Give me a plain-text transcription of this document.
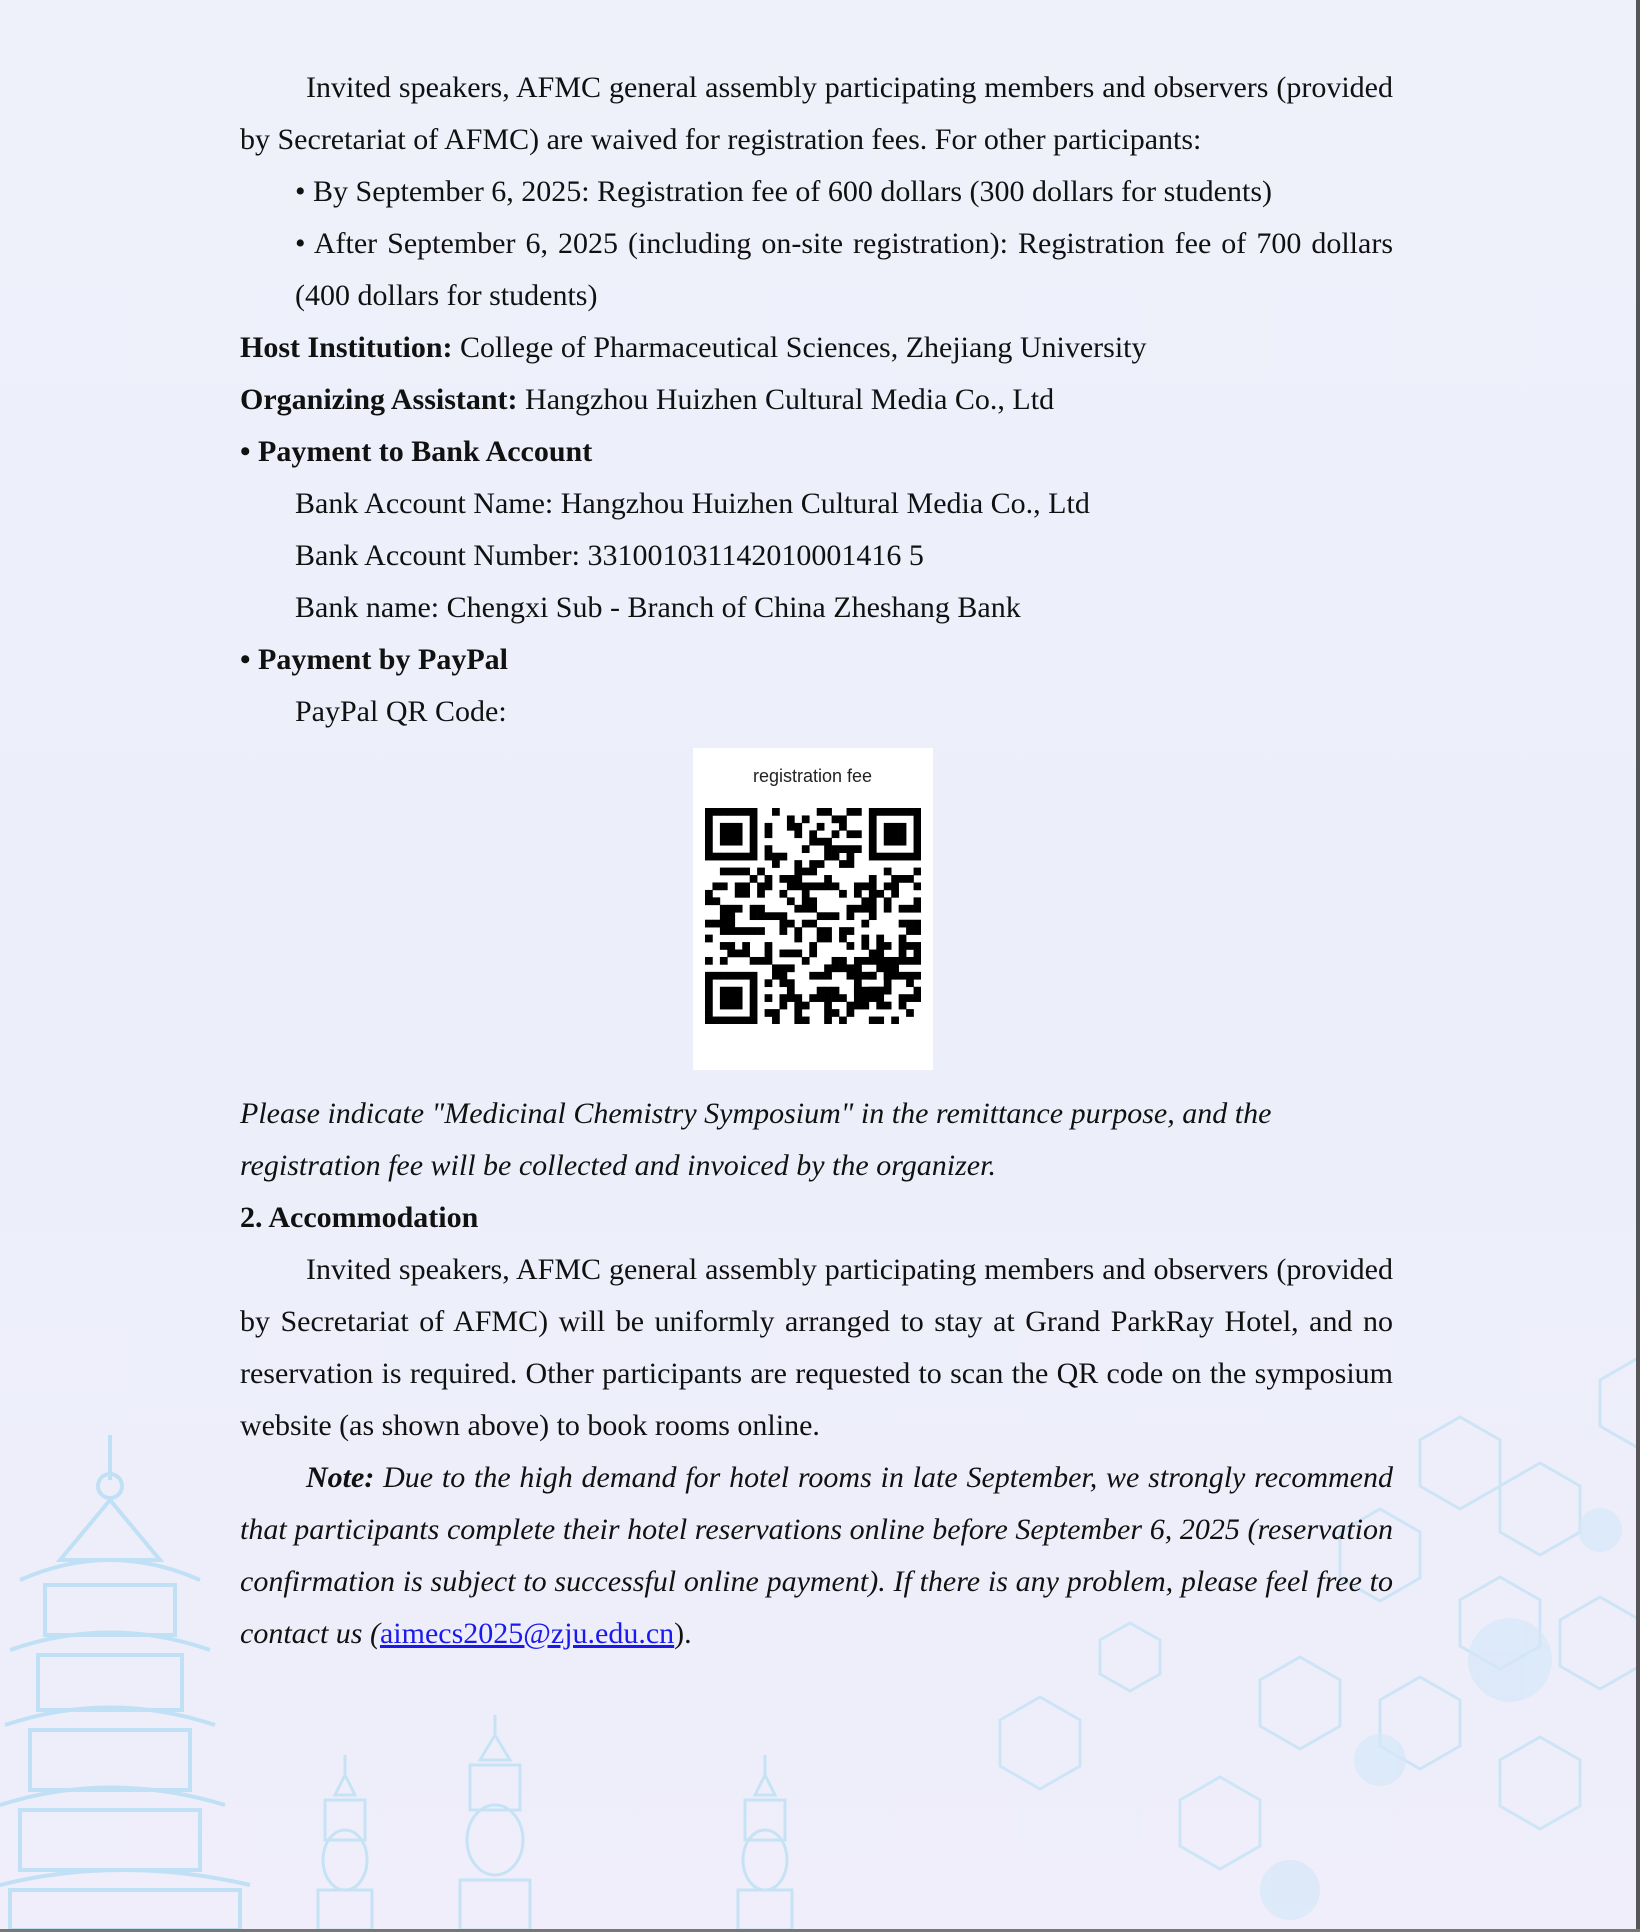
Invited speakers, AFMC general assembly participating members and observers (provided by Secretariat of AFMC) are waived for registration fees. For other participants:

• By September 6, 2025: Registration fee of 600 dollars (300 dollars for students)

• After September 6, 2025 (including on-site registration): Registration fee of 700 dollars (400 dollars for students)

Host Institution: College of Pharmaceutical Sciences, Zhejiang University

Organizing Assistant: Hangzhou Huizhen Cultural Media Co., Ltd

• Payment to Bank Account

Bank Account Name: Hangzhou Huizhen Cultural Media Co., Ltd

Bank Account Number: 331001031142010001416 5

Bank name: Chengxi Sub - Branch of China Zheshang Bank

• Payment by PayPal

PayPal QR Code:

registration fee

Please indicate "Medicinal Chemistry Symposium" in the remittance purpose, and the registration fee will be collected and invoiced by the organizer.

2. Accommodation

Invited speakers, AFMC general assembly participating members and observers (provided by Secretariat of AFMC) will be uniformly arranged to stay at Grand ParkRay Hotel, and no reservation is required. Other participants are requested to scan the QR code on the symposium website (as shown above) to book rooms online.

Note: Due to the high demand for hotel rooms in late September, we strongly recommend that participants complete their hotel reservations online before September 6, 2025 (reservation confirmation is subject to successful online payment). If there is any problem, please feel free to contact us (aimecs2025@zju.edu.cn).
